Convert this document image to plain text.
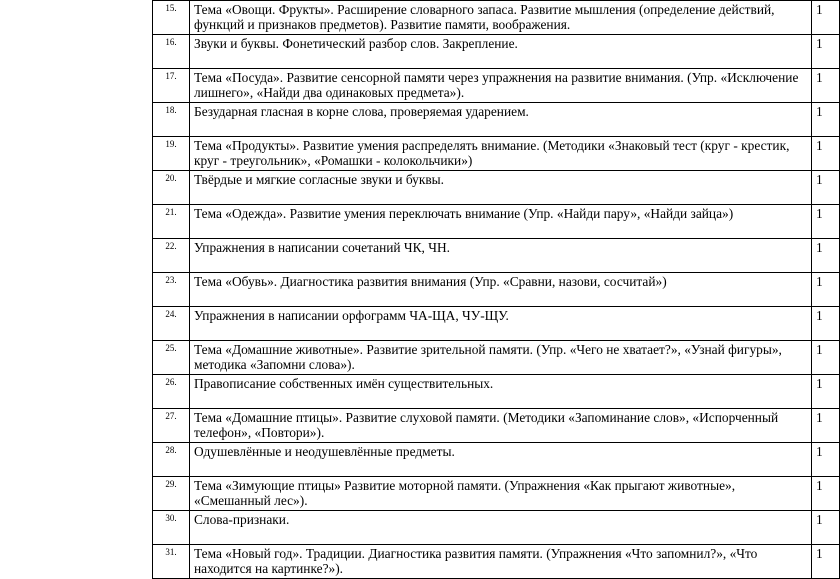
15.	Тема «Овощи. Фрукты». Расширение словарного запаса. Развитие мышления (определение действий, функций и признаков предметов). Развитие памяти, воображения.	1
16.	Звуки и буквы. Фонетический разбор слов. Закрепление.	1
17.	Тема «Посуда». Развитие сенсорной памяти через упражнения на развитие внимания. (Упр. «Исключение лишнего», «Найди два одинаковых предмета»).	1
18.	Безударная гласная в корне слова, проверяемая ударением.	1
19.	Тема «Продукты». Развитие умения распределять внимание. (Методики «Знаковый тест (круг - крестик, круг - треугольник», «Ромашки - колокольчики»)	1
20.	Твёрдые и мягкие согласные звуки и буквы.	1
21.	Тема «Одежда». Развитие умения переключать внимание (Упр. «Найди пару», «Найди зайца»)	1
22.	Упражнения в написании сочетаний ЧК, ЧН.	1
23.	Тема «Обувь». Диагностика развития внимания (Упр. «Сравни, назови, сосчитай»)	1
24.	Упражнения в написании орфограмм ЧА-ЩА, ЧУ-ЩУ.	1
25.	Тема «Домашние животные». Развитие зрительной памяти. (Упр. «Чего не хватает?», «Узнай фигуры», методика «Запомни слова»).	1
26.	Правописание собственных имён существительных.	1
27.	Тема «Домашние птицы». Развитие слуховой памяти. (Методики «Запоминание слов», «Испорченный телефон», «Повтори»).	1
28.	Одушевлённые и неодушевлённые предметы.	1
29.	Тема «Зимующие птицы» Развитие моторной памяти. (Упражнения «Как прыгают животные», «Смешанный лес»).	1
30.	Слова-признаки.	1
31.	Тема «Новый год». Традиции. Диагностика развития памяти. (Упражнения «Что запомнил?», «Что находится на картинке?»).	1
